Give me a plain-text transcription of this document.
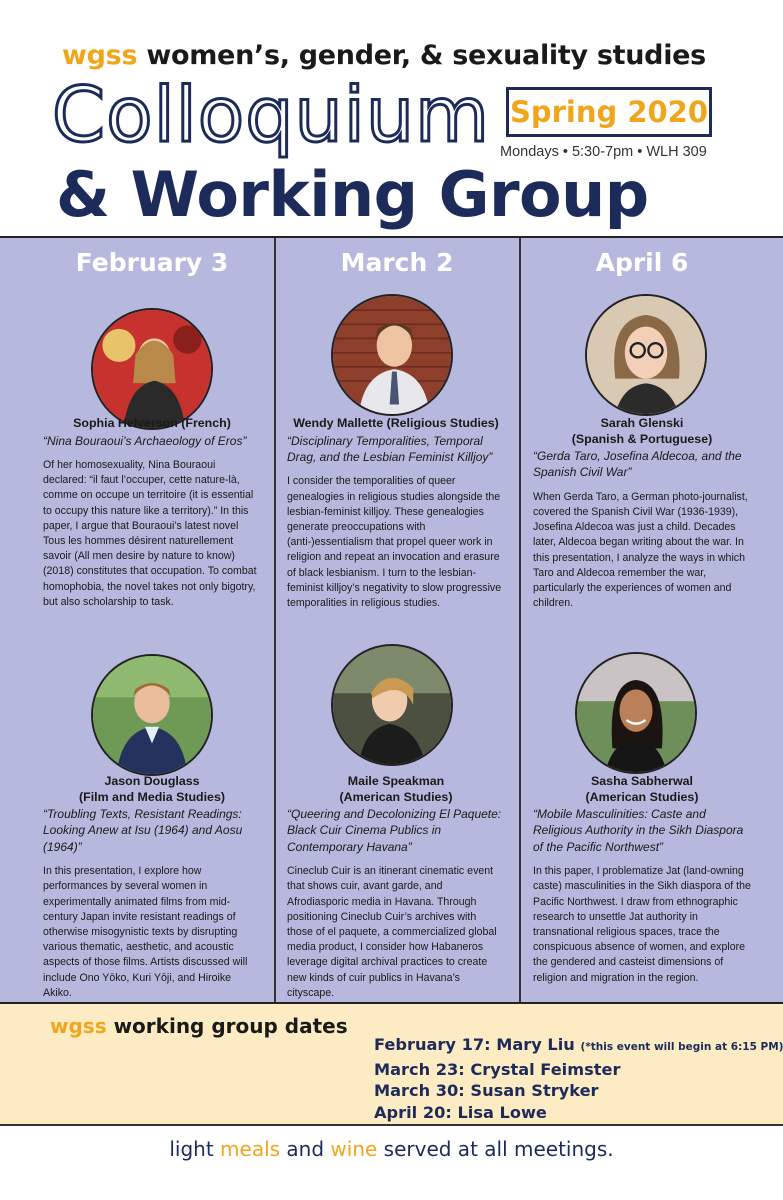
wgss women’s, gender, & sexuality studies
Colloquium Spring 2020
Mondays • 5:30-7pm • WLH 309
& Working Group
February 3
Sophia Helverson (French)
“Nina Bouraoui’s Archaeology of Eros”
Of her homosexuality, Nina Bouraoui declared: “il faut l’occuper, cette nature-là, comme on occupe un territoire (it is essential to occupy this nature like a territory).” In this paper, I argue that Bouraoui’s latest novel Tous les hommes désirent naturellement savoir (All men desire by nature to know) (2018) constitutes that occupation. To combat homophobia, the novel takes not only bigotry, but also scholarship to task.
Jason Douglass
(Film and Media Studies)
“Troubling Texts, Resistant Readings: Looking Anew at Isu (1964) and Aosu (1964)”
In this presentation, I explore how performances by several women in experimentally animated films from mid-century Japan invite resistant readings of otherwise misogynistic texts by disrupting various thematic, aesthetic, and acoustic aspects of those films. Artists discussed will include Ono Yōko, Kuri Yōji, and Hiroike Akiko.
March 2
Wendy Mallette (Religious Studies)
“Disciplinary Temporalities, Temporal Drag, and the Lesbian Feminist Killjoy”
I consider the temporalities of queer genealogies in religious studies alongside the lesbian-feminist killjoy. These genealogies generate preoccupations with (anti-)essentialism that propel queer work in religion and repeat an invocation and erasure of black lesbianism. I turn to the lesbian-feminist killjoy’s negativity to slow progressive temporalities in religious studies.
Maile Speakman
(American Studies)
“Queering and Decolonizing El Paquete: Black Cuir Cinema Publics in Contemporary Havana”
Cineclub Cuir is an itinerant cinematic event that shows cuir, avant garde, and Afrodiasporic media in Havana. Through positioning Cineclub Cuir’s archives with those of el paquete, a commercialized global media product, I consider how Habaneros leverage digital archival practices to create new kinds of cuir publics in Havana’s cityscape.
April 6
Sarah Glenski
(Spanish & Portuguese)
“Gerda Taro, Josefina Aldecoa, and the Spanish Civil War”
When Gerda Taro, a German photo-journalist, covered the Spanish Civil War (1936-1939), Josefina Aldecoa was just a child. Decades later, Aldecoa began writing about the war. In this presentation, I analyze the ways in which Taro and Aldecoa remember the war, particularly the experiences of women and children.
Sasha Sabherwal
(American Studies)
“Mobile Masculinities: Caste and Religious Authority in the Sikh Diaspora of the Pacific Northwest”
In this paper, I problematize Jat (land-owning caste) masculinities in the Sikh diaspora of the Pacific Northwest. I draw from ethnographic research to unsettle Jat authority in transnational religious spaces, trace the conspicuous absence of women, and explore the gendered and casteist dimensions of religion and migration in the region.
wgss working group dates
February 17: Mary Liu (*this event will begin at 6:15 PM)
March 23: Crystal Feimster
March 30: Susan Stryker
April 20: Lisa Lowe
light meals and wine served at all meetings.
